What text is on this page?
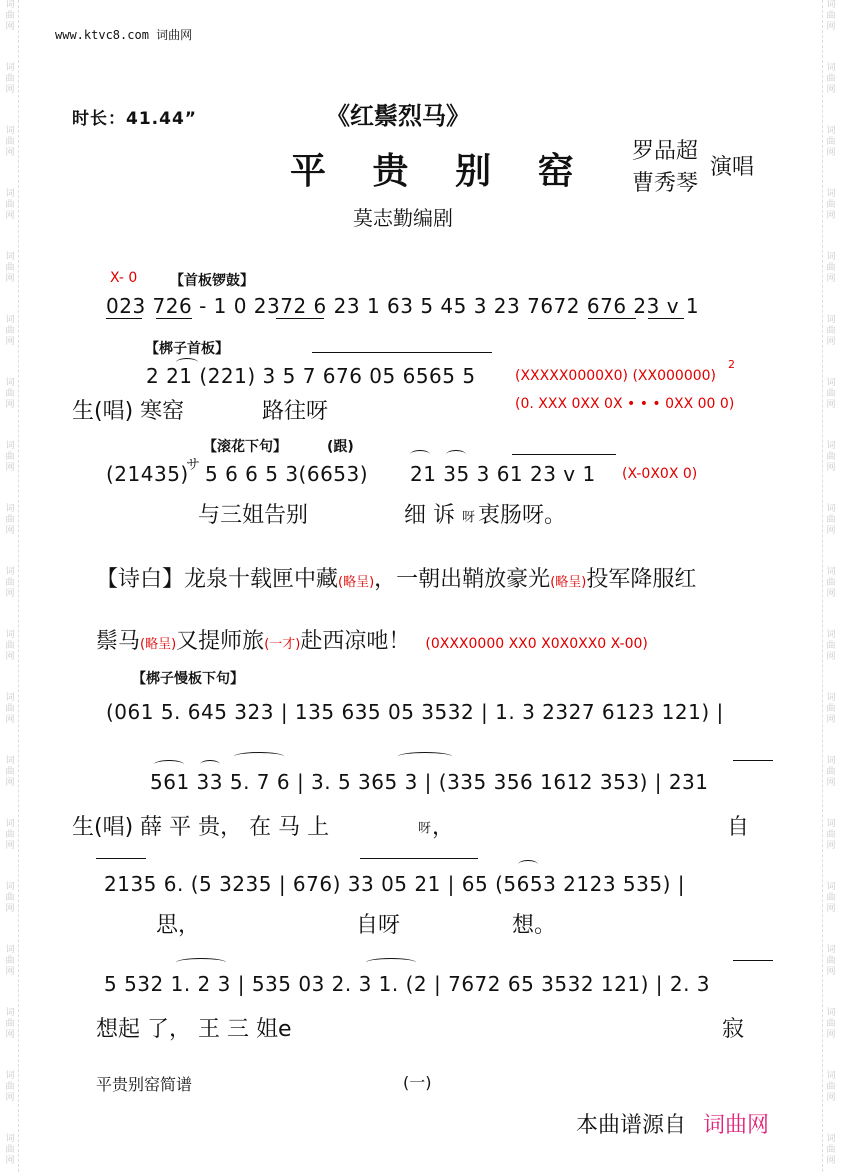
词
曲
网
词
曲
网
词
曲
网
词
曲
网
词
曲
网
词
曲
网
词
曲
网
词
曲
网
词
曲
网
词
曲
网
词
曲
网
词
曲
网
词
曲
网
词
曲
网
词
曲
网
词
曲
网
词
曲
网
词
曲
网
词
曲
网
词
曲
网
词
曲
网
词
曲
网
词
曲
网
词
曲
网
词
曲
网
词
曲
网
词
曲
网
词
曲
网
词
曲
网
词
曲
网
词
曲
网
词
曲
网
词
曲
网
词
曲
网
词
曲
网
词
曲
网
词
曲
网
词
曲
网
www.ktvc8.com 词曲网
时长：41.44”	《红鬃烈马》
平 贵 别 窑 罗品超
曹秀琴
演唱
莫志勤编剧
X- 0 【首板锣鼓】
023 726 - 1 0 2372 6 23 1 63 5 45 3 23 7672 676 23 v 1
【梆子首板】
2 21 (221) 3 5 7 676 05 6565 5	(XXXXX0000X0) (XX000000)
2
(0. XXX 0XX 0X • • • 0XX 00 0)
生(唱) 寒窑	路往呀
【滚花下句】	(跟)
(21435)
サ 5 6 6 5 3(6653) 21 35 3 61 23 v 1 (X-0X0X 0)
与三姐告别	细 诉 呀 衷肠呀。
【诗白】龙泉十载匣中藏(略呈)，一朝出鞘放豪光(略呈)投军降服红
鬃马(略呈)又提师旅(一才)赴西凉吔！ (0XXX0000 XX0 X0X0XX0 X-00)
【梆子慢板下句】
(061 5. 645 323 | 135 635 05 3532 | 1. 3 2327 6123 121) |
561 33 5. 7 6 | 3. 5 365 3 | (335 356 1612 353) | 231
生(唱) 薛 平 贵， 在 马 上	呀 ，	自
2135 6. (5 3235 | 676) 33 05 21 | 65 (5653 2123 535) |
思，	自呀	想。
5 532 1. 2 3 | 535 03 2. 3 1. (2 | 7672 65 3532 121) | 2. 3
想起 了， 王 三 姐e	寂
平贵别窑简谱	(一)
本曲谱源自 词曲网
